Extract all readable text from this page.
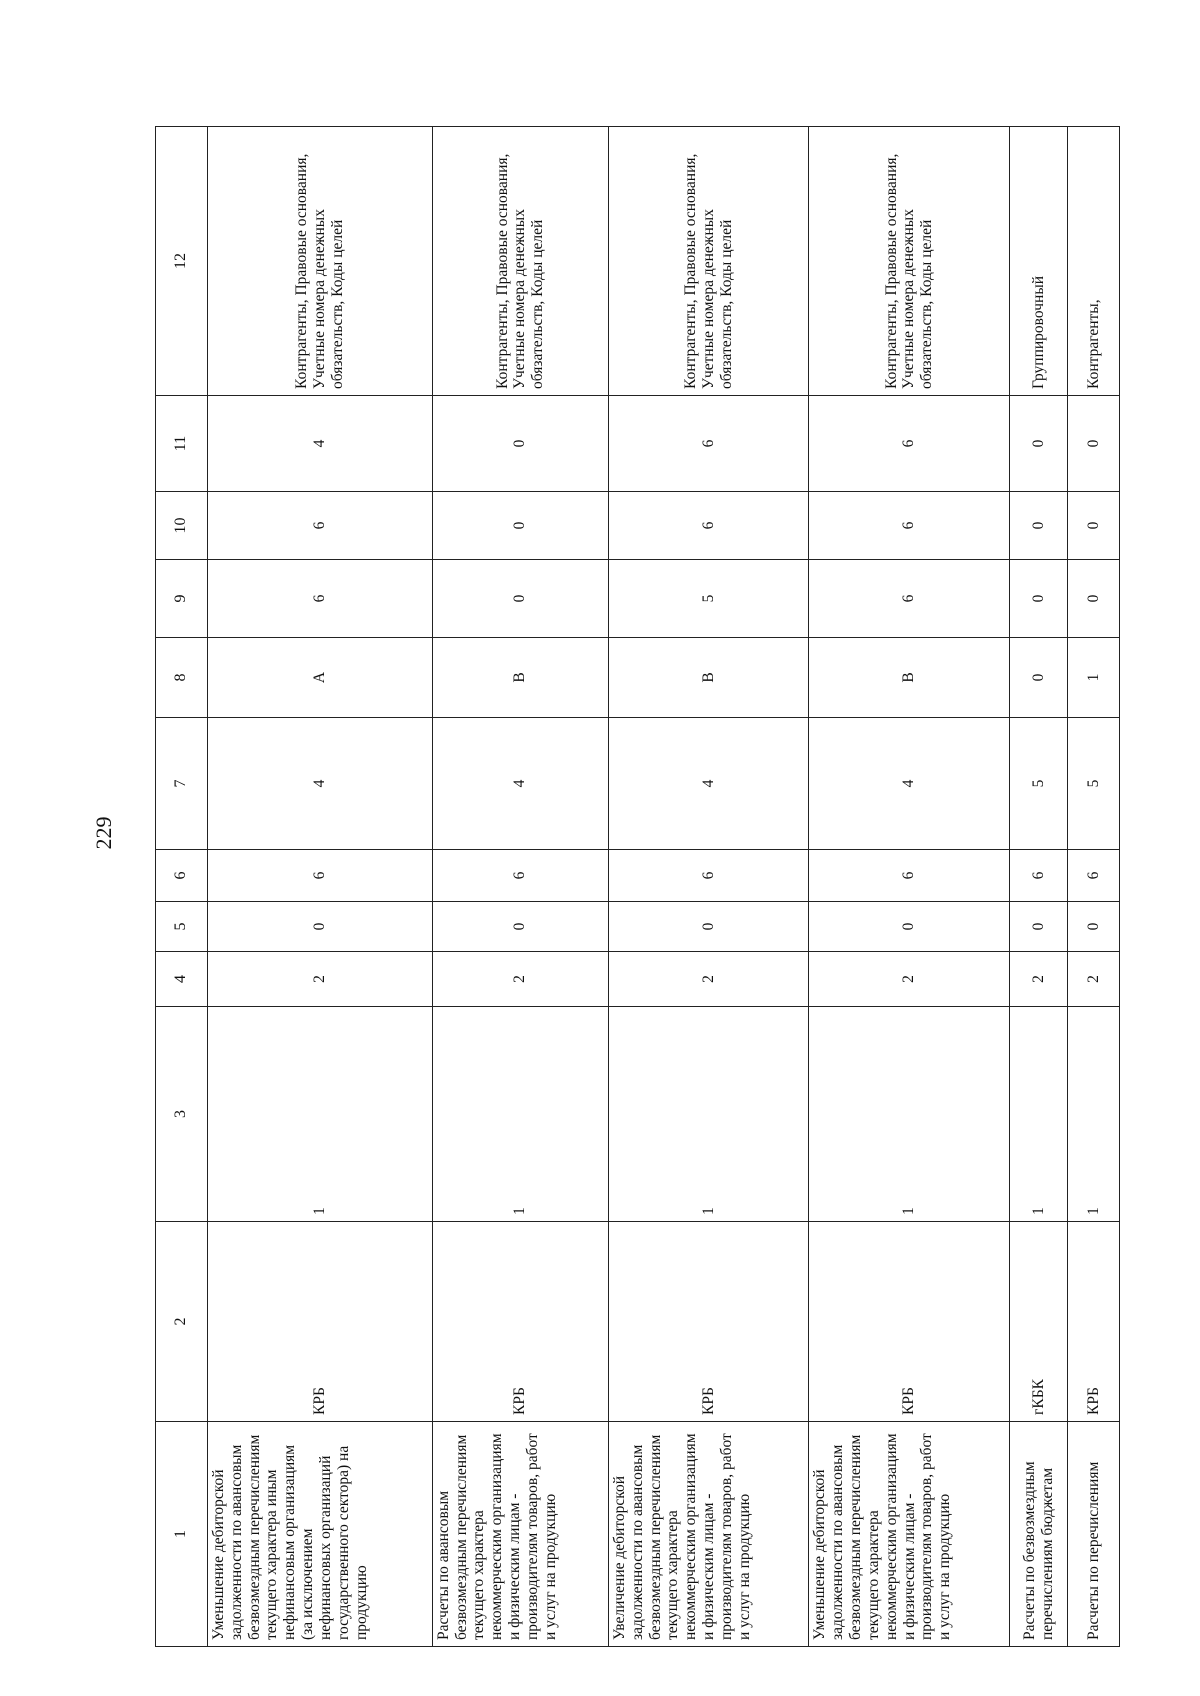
229
1	2	3	4	5	6	7	8	9	10	11	12
Уменьшение дебиторской задолженности по авансовым безвозмездным перечислениям текущего характера иным нефинансовым организациям (за исключением нефинансовых организаций государственного сектора) на продукцию	КРБ	1	2	0	6	4	А	6	6	4	Контрагенты, Правовые основания, Учетные номера денежных обязательств, Коды целей
Расчеты по авансовым безвозмездным перечислениям текущего характера некоммерческим организациям и физическим лицам - производителям товаров, работ и услуг на продукцию	КРБ	1	2	0	6	4	В	0	0	0	Контрагенты, Правовые основания, Учетные номера денежных обязательств, Коды целей
Увеличение дебиторской задолженности по авансовым безвозмездным перечислениям текущего характера некоммерческим организациям и физическим лицам - производителям товаров, работ и услуг на продукцию	КРБ	1	2	0	6	4	В	5	6	6	Контрагенты, Правовые основания, Учетные номера денежных обязательств, Коды целей
Уменьшение дебиторской задолженности по авансовым безвозмездным перечислениям текущего характера некоммерческим организациям и физическим лицам - производителям товаров, работ и услуг на продукцию	КРБ	1	2	0	6	4	В	6	6	6	Контрагенты, Правовые основания, Учетные номера денежных обязательств, Коды целей
Расчеты по безвозмездным перечислениям бюджетам	гКБК	1	2	0	6	5	0	0	0	0	Группировочный
Расчеты по перечислениям	КРБ	1	2	0	6	5	1	0	0	0	Контрагенты,
